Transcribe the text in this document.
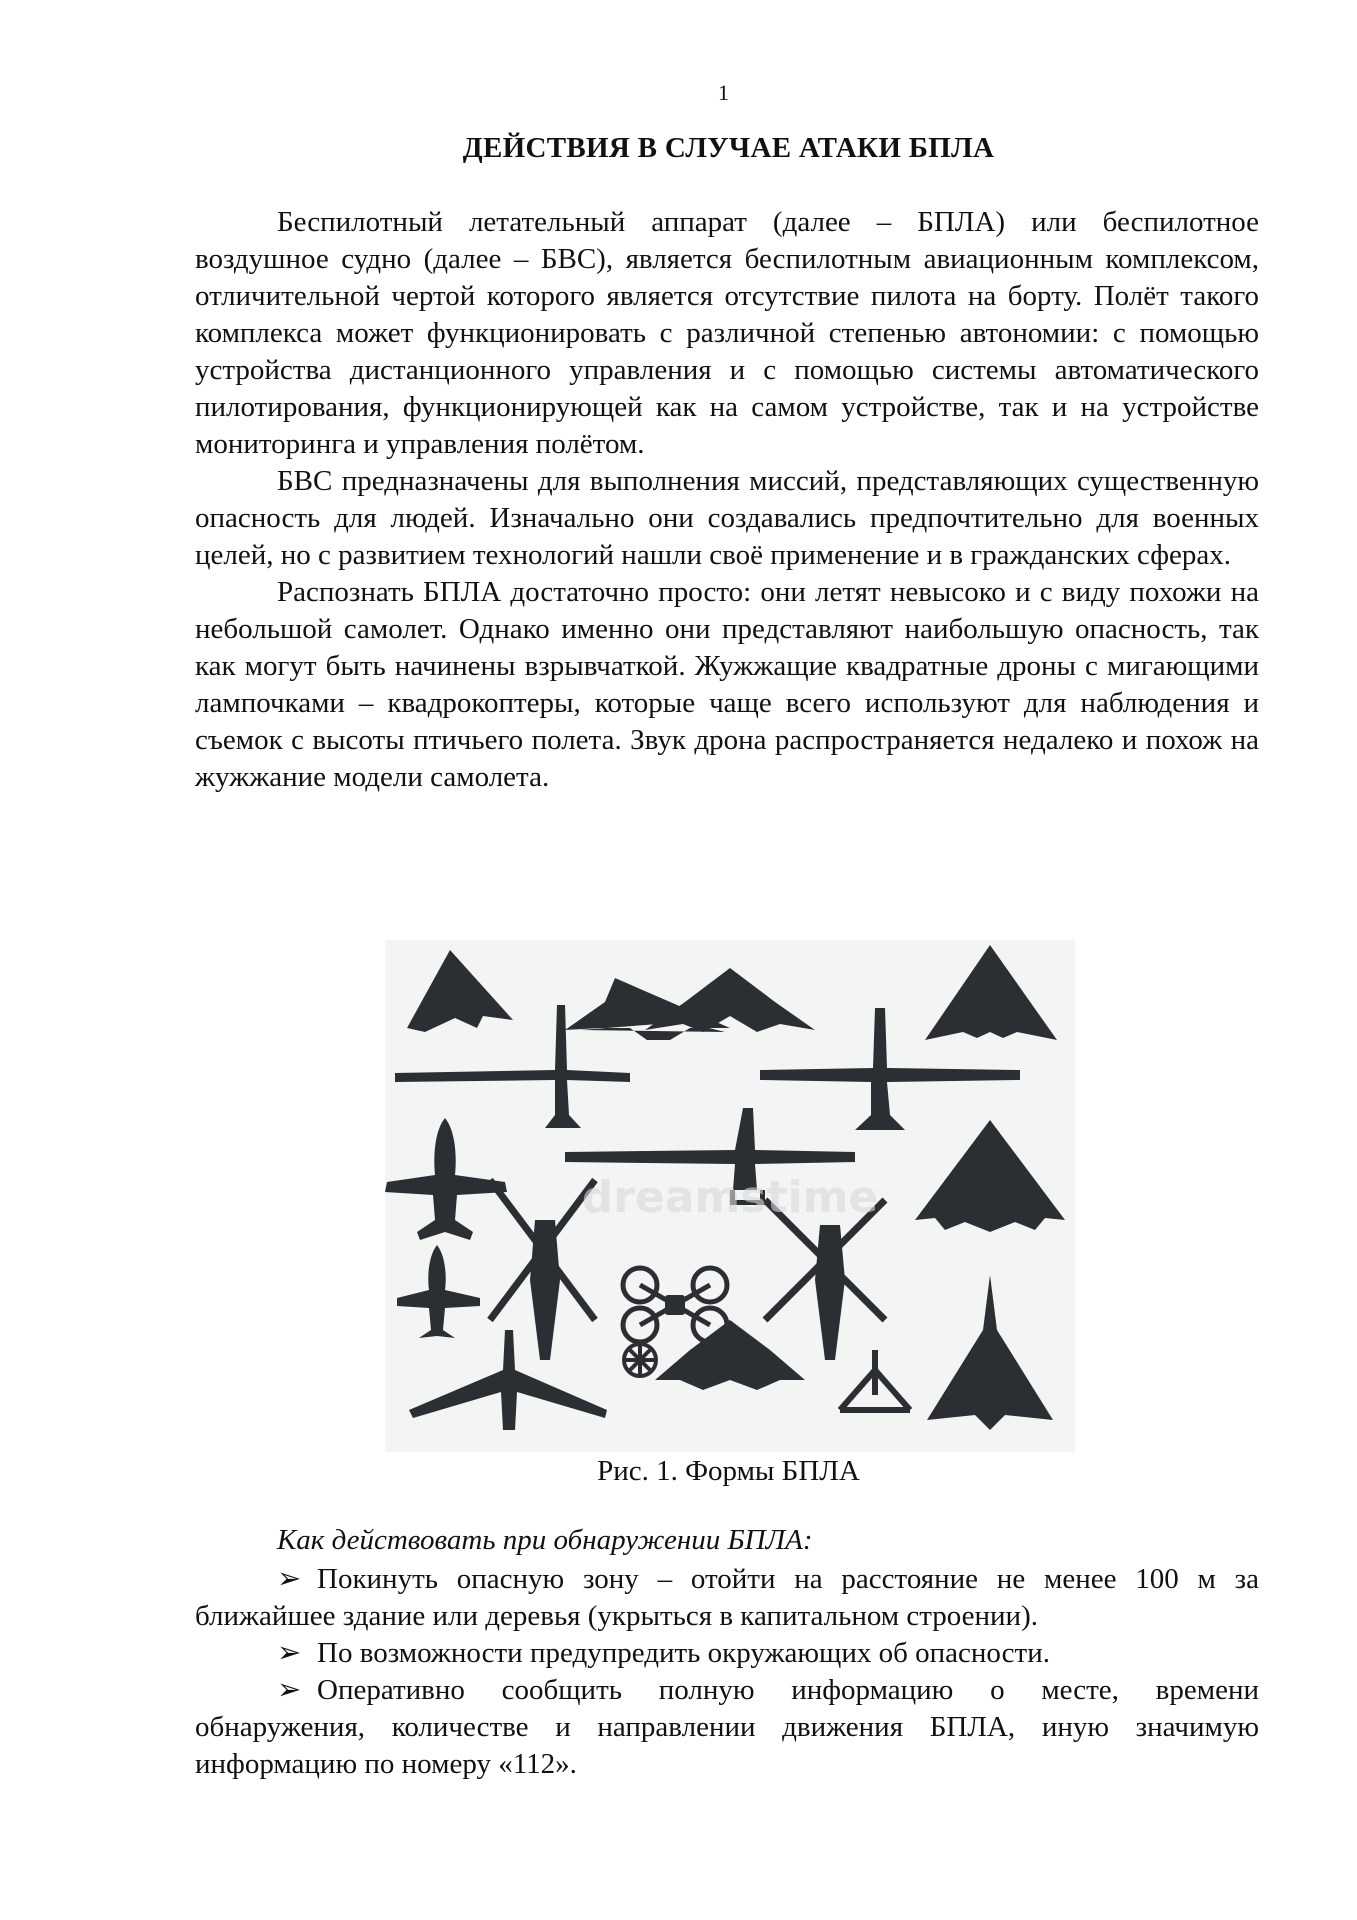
1
ДЕЙСТВИЯ В СЛУЧАЕ АТАКИ БПЛА

Беспилотный летательный аппарат (далее – БПЛА) или беспилотное воздушное судно (далее – БВС), является беспилотным авиационным комплексом, отличительной чертой которого является отсутствие пилота на борту. Полёт такого комплекса может функционировать с различной степенью автономии: с помощью устройства дистанционного управления и с помощью системы автоматического пилотирования, функционирующей как на самом устройстве, так и на устройстве мониторинга и управления полётом.

БВС предназначены для выполнения миссий, представляющих существенную опасность для людей. Изначально они создавались предпочтительно для военных целей, но с развитием технологий нашли своё применение и в гражданских сферах.

Распознать БПЛА достаточно просто: они летят невысоко и с виду похожи на небольшой самолет. Однако именно они представляют наибольшую опасность, так как могут быть начинены взрывчаткой. Жужжащие квадратные дроны с мигающими лампочками – квадрокоптеры, которые чаще всего используют для наблюдения и съемок с высоты птичьего полета. Звук дрона распространяется недалеко и похож на жужжание модели самолета.

dreamstime
Рис. 1. Формы БПЛА
Как действовать при обнаружении БПЛА:

➢ Покинуть опасную зону – отойти на расстояние не менее 100 м за ближайшее здание или деревья (укрыться в капитальном строении).

➢ По возможности предупредить окружающих об опасности.

➢ Оперативно сообщить полную информацию о месте, времени обнаружения, количестве и направлении движения БПЛА, иную значимую информацию по номеру «112».
